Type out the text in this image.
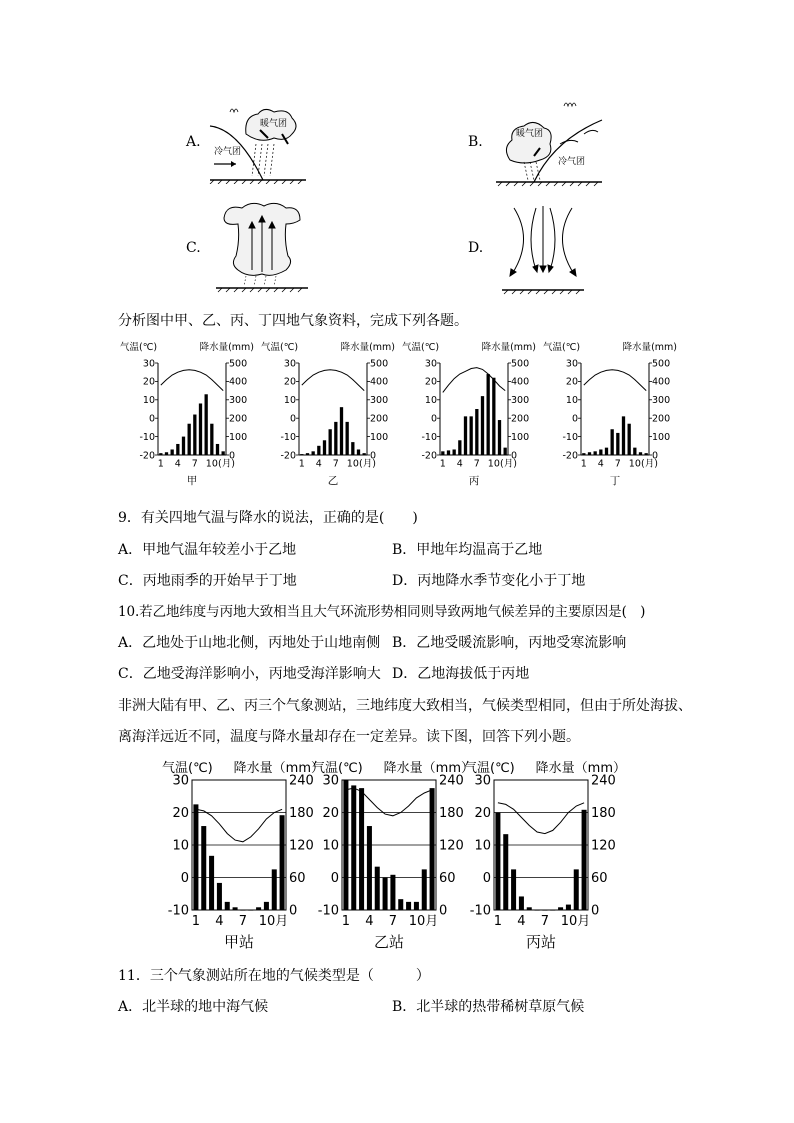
A.
暖气团
冷气团
B.	暖气团
冷气团
C.	D.
分析图中甲、乙、丙、丁四地气象资料，完成下列各题。
气温(℃)	降水量(mm)
30
20
10
0
-10
-20
500
400
300
200
100
0
1 4 7 10 (月)
甲
气温(℃)	降水量(mm)
30
20
10
0
-10
-20
500
400
300
200
100
0
1 4 7 10 (月)
乙
气温(℃)	降水量(mm)
30
20
10
0
-10
-20
500
400
300
200
100
0
1 4 7 10 (月)
丙
气温(℃)	降水量(mm)
30
20
10
0
-10
-20
500
400
300
200
100
0
1 4 7 10 (月)
丁
9．有关四地气温与降水的说法，正确的是(　　)
A．甲地气温年较差小于乙地	B．甲地年均温高于乙地
C．丙地雨季的开始早于丁地	D．丙地降水季节变化小于丁地
10.若乙地纬度与丙地大致相当且大气环流形势相同则导致两地气候差异的主要原因是(　)
A．乙地处于山地北侧，丙地处于山地南侧 B．乙地受暖流影响，丙地受寒流影响
C．乙地受海洋影响小，丙地受海洋影响大 D．乙地海拔低于丙地
非洲大陆有甲、乙、丙三个气象测站，三地纬度大致相当，气候类型相同，但由于所处海拔、
离海洋远近不同，温度与降水量却存在一定差异。读下图，回答下列小题。
气温(℃) 降水量（mm）
30
20
10
0
-10
240
180
120
60
0
1 4 7 10月
甲站
气温(℃) 降水量（mm）
30
20
10
0
-10
240
180
120
60
0
1 4 7 10月
乙站
气温(℃) 降水量（mm）
30
20
10
0
-10
240
180
120
60
0
1 4 7 10月
丙站
11．三个气象测站所在地的气候类型是（　　　）
A．北半球的地中海气候	B．北半球的热带稀树草原气候
